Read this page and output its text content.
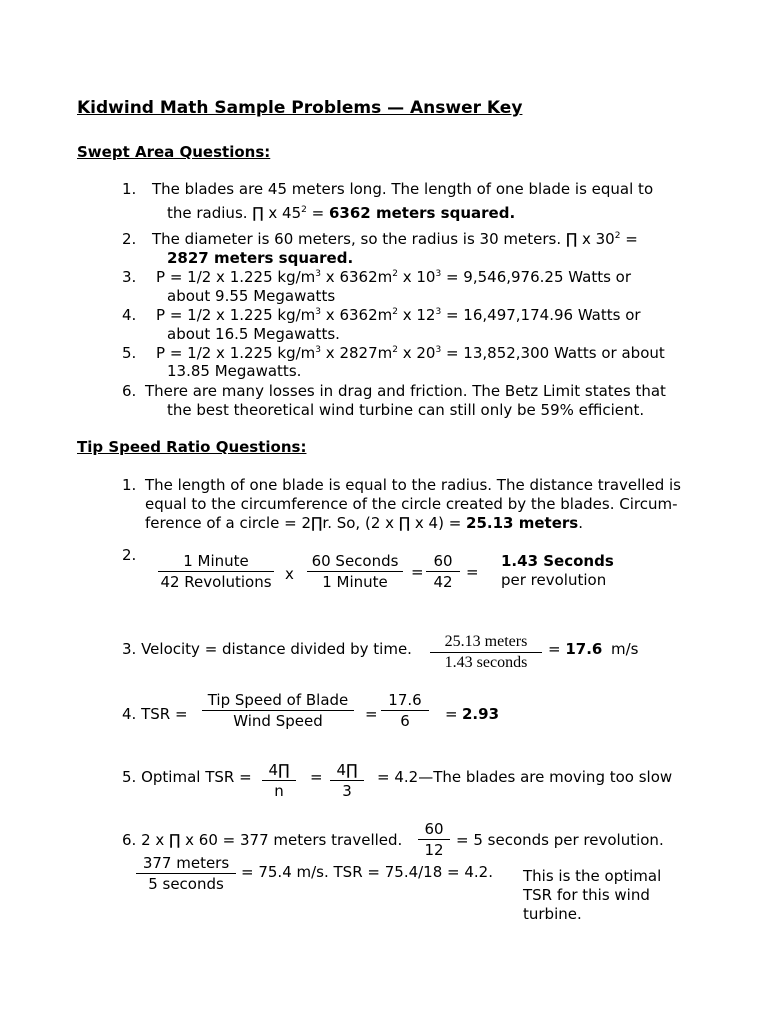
Kidwind Math Sample Problems — Answer Key
Swept Area Questions:
1. The blades are 45 meters long. The length of one blade is equal to
the radius. ∏ x $45^2 = 6362$ meters squared.
2. The diameter is 60 meters, so the radius is 30 meters. ∏ x $30^2$ =
2827 meters squared.
3. P = 1/2 x 1.225 $kg/m^3$ x $6362m^2$ x $10^3 = 9,546,976.25$ Watts or
about 9.55 Megawatts
4. P = 1/2 x 1.225 $kg/m^3$ x $6362m^2$ x $12^3 = 16,497,174.96$ Watts or
about 16.5 Megawatts.
5. P = 1/2 x 1.225 $kg/m^3$ x $2827m^2$ x $20^3 = 13,852,300$ Watts or about
13.85 Megawatts.
6. There are many losses in drag and friction. The Betz Limit states that
the best theoretical wind turbine can still only be 59% efficient.
Tip Speed Ratio Questions:
1. The length of one blade is equal to the radius. The distance travelled is
equal to the circumference of the circle created by the blades. Circum-
ference of a circle = 2∏r. So, (2 x ∏ x 4) = 25.13 meters.
2.	1 Minute
42 Revolutions x
60 Seconds
1 Minute
=
60
42
=
1.43 Seconds
per revolution
3. Velocity = distance divided by time.	25.13 meters
1.43 seconds
= 17.6 m/s
4. TSR =
Tip Speed of Blade
Wind Speed	=
17.6
6	= 2.93
5. Optimal TSR =	4∏
n
= 4∏
3
= 4.2—The blades are moving too slow
6. 2 x ∏ x 60 = 377 meters travelled.
60
12
= 5 seconds per revolution.
377 meters
5 seconds
= 75.4 m/s. TSR = 75.4/18 = 4.2. This is the optimal
TSR for this wind
turbine.
